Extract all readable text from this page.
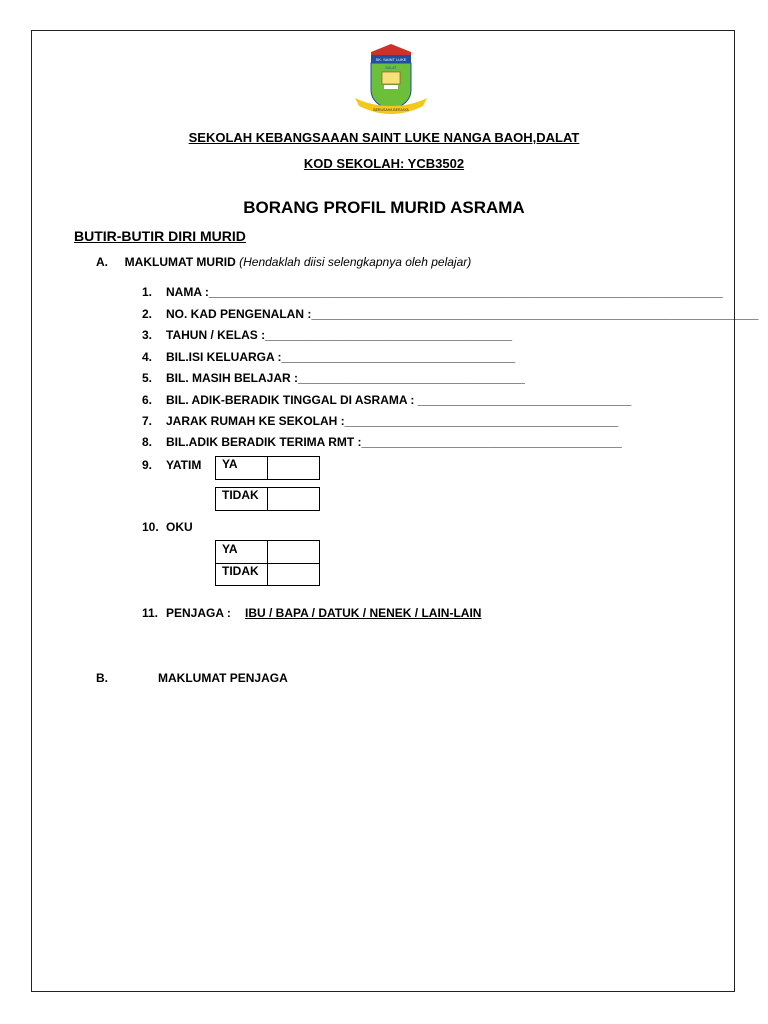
SK. SAINT LUKE
DALAT
BERUSAHA BERJAYA
SEKOLAH KEBANGSAAAN SAINT LUKE NANGA BAOH,DALAT
KOD SEKOLAH: YCB3502
BORANG PROFIL MURID ASRAMA
BUTIR-BUTIR DIRI MURID
A. MAKLUMAT MURID (Hendaklah diisi selengkapnya oleh pelajar)
1. NAMA :_____________________________________________________________________________
2. NO. KAD PENGENALAN :___________________________________________________________________
3. TAHUN / KELAS :_____________________________________
4. BIL.ISI KELUARGA :___________________________________
5. BIL. MASIH BELAJAR :__________________________________
6. BIL. ADIK-BERADIK TINGGAL DI ASRAMA : ________________________________
7. JARAK RUMAH KE SEKOLAH :_________________________________________
8. BIL.ADIK BERADIK TERIMA RMT :_______________________________________
9. YATIM YA
TIDAK
10. OKU
YA
TIDAK
11. PENJAGA : IBU / BAPA / DATUK / NENEK / LAIN-LAIN
B.	MAKLUMAT PENJAGA
